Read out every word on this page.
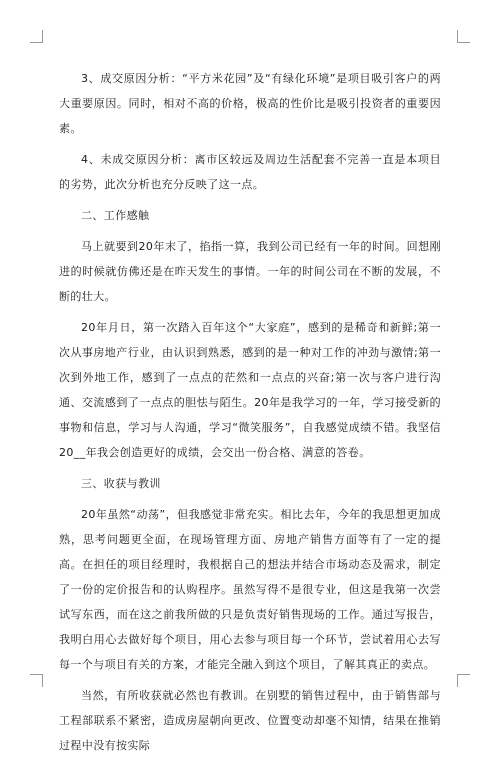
3、成交原因分析：“平方米花园”及“有绿化环境”是项目吸引客户的两大重要原因。同时，相对不高的价格，极高的性价比是吸引投资者的重要因素。

4、未成交原因分析：离市区较远及周边生活配套不完善一直是本项目的劣势，此次分析也充分反映了这一点。

二、工作感触

马上就要到20年末了，掐指一算，我到公司已经有一年的时间。回想刚进的时候就仿佛还是在昨天发生的事情。一年的时间公司在不断的发展，不断的壮大。

20年月日，第一次踏入百年这个“大家庭”，感到的是稀奇和新鲜;第一次从事房地产行业，由认识到熟悉，感到的是一种对工作的冲劲与激情;第一次到外地工作，感到了一点点的茫然和一点点的兴奋;第一次与客户进行沟通、交流感到了一点点的胆怯与陌生。20年是我学习的一年，学习接受新的事物和信息，学习与人沟通，学习“微笑服务”，自我感觉成绩不错。我坚信20__年我会创造更好的成绩，会交出一份合格、满意的答卷。

三、收获与教训

20年虽然“动荡”，但我感觉非常充实。相比去年，今年的我思想更加成熟，思考问题更全面，在现场管理方面、房地产销售方面等有了一定的提高。在担任的项目经理时，我根据自己的想法并结合市场动态及需求，制定了一份的定价报告和的认购程序。虽然写得不是很专业，但这是我第一次尝试写东西，而在这之前我所做的只是负责好销售现场的工作。通过写报告，我明白用心去做好每个项目，用心去参与项目每一个环节，尝试着用心去写每一个与项目有关的方案，才能完全融入到这个项目，了解其真正的卖点。

当然，有所收获就必然也有教训。在别墅的销售过程中，由于销售部与工程部联系不紧密，造成房屋朝向更改、位置变动却毫不知情，结果在推销过程中没有按实际
